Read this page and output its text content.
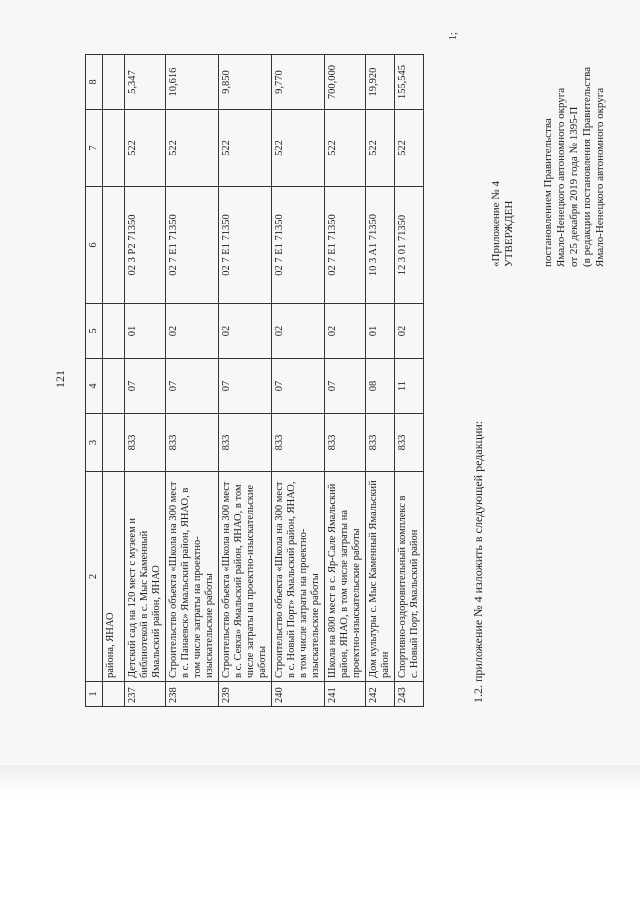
121
1	2	3	4	5	6	7	8
	района, ЯНАО						
237	Детский сад на 120 мест с музеем и библиотекой в с. Мыс Каменный Ямальский район, ЯНАО	833	07	01	02 3 P2 71350	522	5,347
238	Строительство объекта «Школа на 300 мест в с. Панаевск» Ямальский район, ЯНАО, в том числе затраты на проектно- изыскательские работы	833	07	02	02 7 E1 71350	522	10,616
239	Строительство объекта «Школа на 300 мест в с. Сеяха» Ямальский район, ЯНАО, в том числе затраты на проектно-изыскательские работы	833	07	02	02 7 E1 71350	522	9,850
240	Строительство объекта «Школа на 300 мест в с. Новый Порт» Ямальский район, ЯНАО, в том числе затраты на проектно- изыскательские работы	833	07	02	02 7 E1 71350	522	9,770
241	Школа на 800 мест в с. Яр-Сале Ямальский район, ЯНАО, в том числе затраты на проектно-изыскательские работы	833	07	02	02 7 E1 71350	522	700,000
242	Дом культуры с. Мыс Каменный Ямальский район	833	08	01	10 3 A1 71350	522	19,920
243	Спортивно-оздоровительный комплекс в с. Новый Порт, Ямальский район	833	11	02	12 3 01 71350	522	155,545
1.2. приложение № 4 изложить в следующей редакции:
«Приложение № 4 УТВЕРЖДЕН постановлением Правительства Ямало-Ненецкого автономного округа от 25 декабря 2019 года № 1395-П (в редакции постановления Правительства Ямало-Ненецкого автономного округа
1;
